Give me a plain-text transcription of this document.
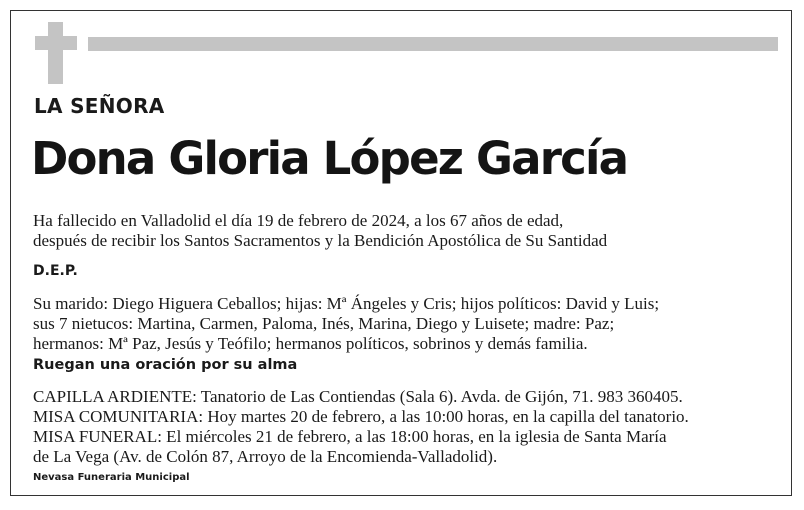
LA SEÑORA
Dona Gloria López García
Ha fallecido en Valladolid el día 19 de febrero de 2024, a los 67 años de edad,
después de recibir los Santos Sacramentos y la Bendición Apostólica de Su Santidad
D.E.P.
Su marido: Diego Higuera Ceballos; hijas: Mª Ángeles y Cris; hijos políticos: David y Luis;
sus 7 nietucos: Martina, Carmen, Paloma, Inés, Marina, Diego y Luisete; madre: Paz;
hermanos: Mª Paz, Jesús y Teófilo; hermanos políticos, sobrinos y demás familia.
Ruegan una oración por su alma
CAPILLA ARDIENTE: Tanatorio de Las Contiendas (Sala 6). Avda. de Gijón, 71. 983 360405.
MISA COMUNITARIA: Hoy martes 20 de febrero, a las 10:00 horas, en la capilla del tanatorio.
MISA FUNERAL: El miércoles 21 de febrero, a las 18:00 horas, en la iglesia de Santa María
de La Vega (Av. de Colón 87, Arroyo de la Encomienda-Valladolid).
Nevasa Funeraria Municipal
